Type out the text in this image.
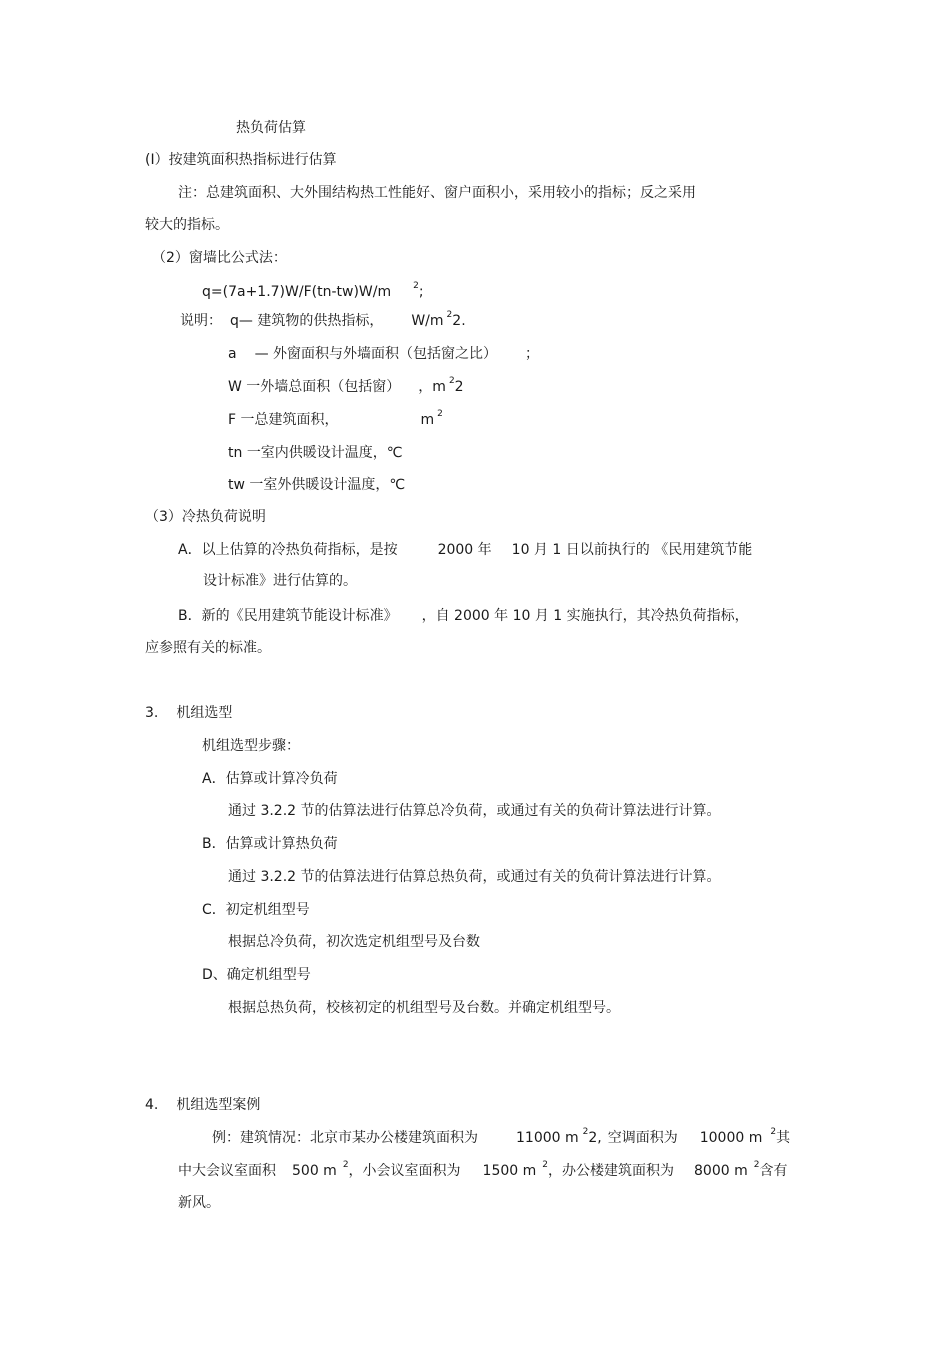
热负荷估算
(I）按建筑面积热指标进行估算
注：总建筑面积、大外围结构热工性能好、窗户面积小，采用较小的指标；反之采用
较大的指标。
（2）窗墙比公式法：
q=(7a+1.7)W/F(tn-tw)W/m $^2$;
说明： q— 建筑物的供热指标， W/m $^2$2.
a — 外窗面积与外墙面积（包括窗之比） ；
W 一外墙总面积（包括窗） ，m $^2$2
F 一总建筑面积，	m $^2$
tn 一室内供暖设计温度，℃
tw 一室外供暖设计温度，℃
（3）冷热负荷说明
A．以上估算的冷热负荷指标，是按	2000 年 10 月 1 日以前执行的 《民用建筑节能
设计标准》进行估算的。
B．新的《民用建筑节能设计标准》 ，自 2000 年 10 月 1 实施执行，其冷热负荷指标，
应参照有关的标准。
3. 机组选型
机组选型步骤：
A．估算或计算冷负荷
通过 3.2.2 节的估算法进行估算总冷负荷，或通过有关的负荷计算法进行计算。
B．估算或计算热负荷
通过 3.2.2 节的估算法进行估算总热负荷，或通过有关的负荷计算法进行计算。
C．初定机组型号
根据总冷负荷，初次选定机组型号及台数
D、确定机组型号
根据总热负荷，校核初定的机组型号及台数。并确定机组型号。
4. 机组选型案例
例：建筑情况：北京市某办公楼建筑面积为	11000 m $^2$2, 空调面积为 10000 m $^2$其
中大会议室面积 500 m $^2$，小会议室面积为 1500 m $^2$，办公楼建筑面积为 8000 m $^2$含有
新风。
